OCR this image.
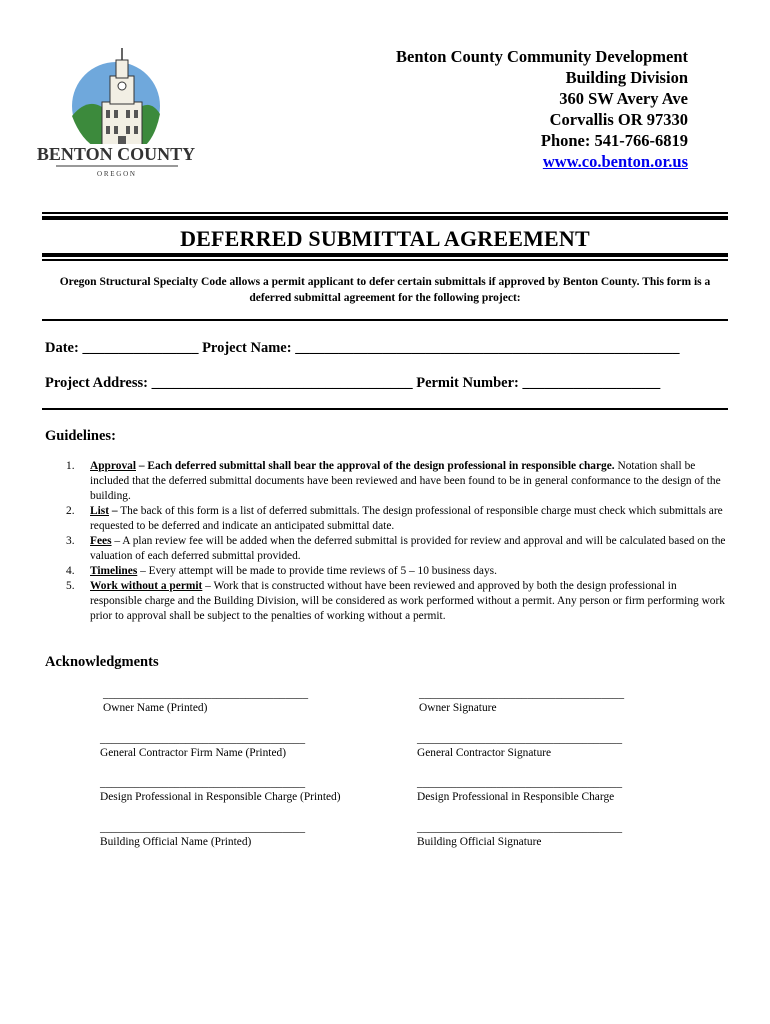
BENTON COUNTY
O R E G O N
Benton County Community Development
Building Division
360 SW Avery Ave
Corvallis OR 97330
Phone: 541-766-6819
www.co.benton.or.us
DEFERRED SUBMITTAL AGREEMENT
Oregon Structural Specialty Code allows a permit applicant to defer certain submittals if approved by Benton County. This form is a deferred submittal agreement for the following project:
Date: ________________ Project Name: _____________________________________________________
Project Address: ____________________________________ Permit Number: ___________________
Guidelines:
1. Approval – Each deferred submittal shall bear the approval of the design professional in responsible charge. Notation shall be included that the deferred submittal documents have been reviewed and have been found to be in general conformance to the design of the building.
2. List – The back of this form is a list of deferred submittals. The design professional of responsible charge must check which submittals are requested to be deferred and indicate an anticipated submittal date.
3. Fees – A plan review fee will be added when the deferred submittal is provided for review and approval and will be calculated based on the valuation of each deferred submittal provided.
4. Timelines – Every attempt will be made to provide time reviews of 5 – 10 business days.
5. Work without a permit – Work that is constructed without have been reviewed and approved by both the design professional in responsible charge and the Building Division, will be considered as work performed without a permit. Any person or firm performing work prior to approval shall be subject to the penalties of working without a permit.
Acknowledgments
____________________________________
Owner Name (Printed)
____________________________________
Owner Signature
____________________________________
General Contractor Firm Name (Printed)
____________________________________
General Contractor Signature
____________________________________
Design Professional in Responsible Charge (Printed)
____________________________________
Design Professional in Responsible Charge
____________________________________
Building Official Name (Printed)
____________________________________
Building Official Signature
